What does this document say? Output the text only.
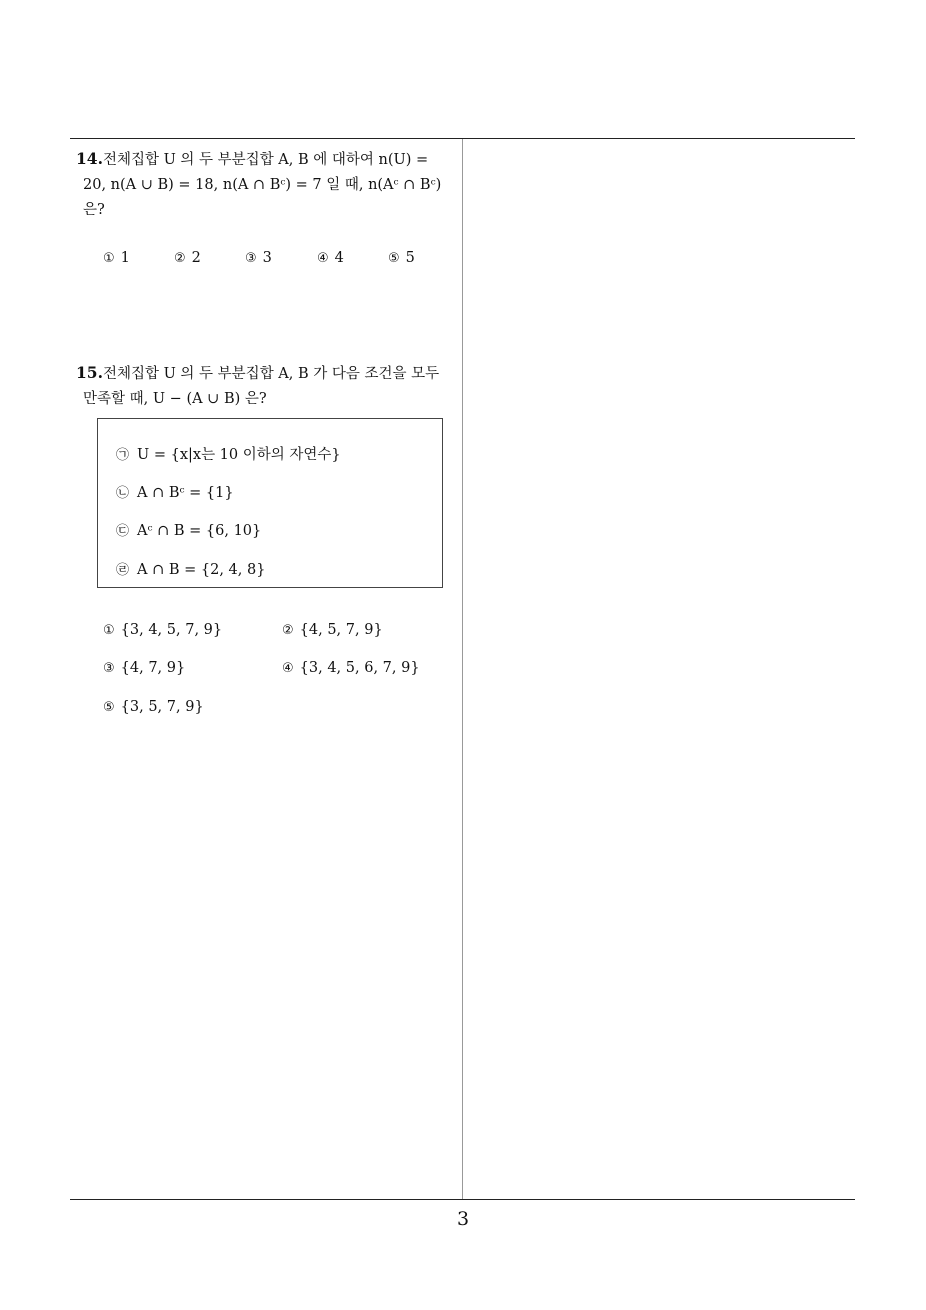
14.전체집합 U 의 두 부분집합 A, B 에 대하여 n(U) =
20, n(A ∪ B) = 18, n(A ∩ Bᶜ) = 7 일 때, n(Aᶜ ∩ Bᶜ)
은?
① 1	② 2	③ 3	④ 4	⑤ 5
15.전체집합 U 의 두 부분집합 A, B 가 다음 조건을 모두
만족할 때, U − (A ∪ B) 은?
㉠ U = {x|x는 10 이하의 자연수}
㉡ A ∩ Bᶜ = {1}
㉢ Aᶜ ∩ B = {6, 10}
㉣ A ∩ B = {2, 4, 8}
① {3, 4, 5, 7, 9}	② {4, 5, 7, 9}
③ {4, 7, 9}	④ {3, 4, 5, 6, 7, 9}
⑤ {3, 5, 7, 9}
3
